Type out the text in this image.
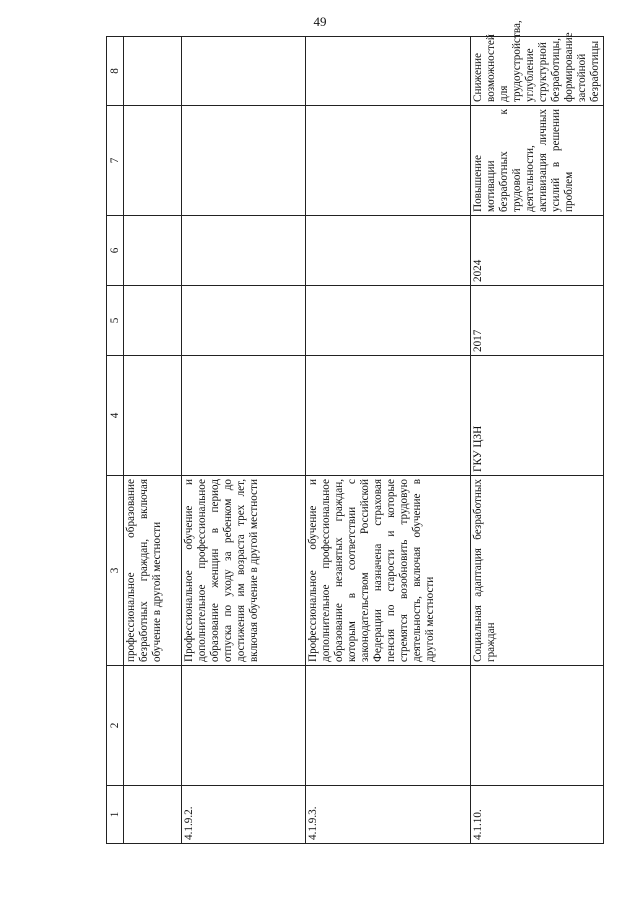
49
1	2	3	4	5	6	7	8
		профессиональное образование безработных граждан, включая обучение в другой местности					
4.1.9.2.		Профессиональное обучение и дополнительное профессиональное образование женщин в период отпуска по уходу за ребенком до достижения им возраста трех лет, включая обучение в другой местности					
4.1.9.3.		Профессиональное обучение и дополнительное профессиональное образование незанятых граждан, которым в соответствии с законодательством Российской Федерации назначена страховая пенсия по старости и которые стремятся возобновить трудовую деятельность, включая обучение в другой местности					
4.1.10.		Социальная адаптация безработных граждан	ГКУ ЦЗН	2017	2024	Повышение мотивации безработных к трудовой деятельности, активизация личных усилий в решении проблем	Снижение возможностей для трудоустройства, углубление структурной безработицы, формирование застойной безработицы
